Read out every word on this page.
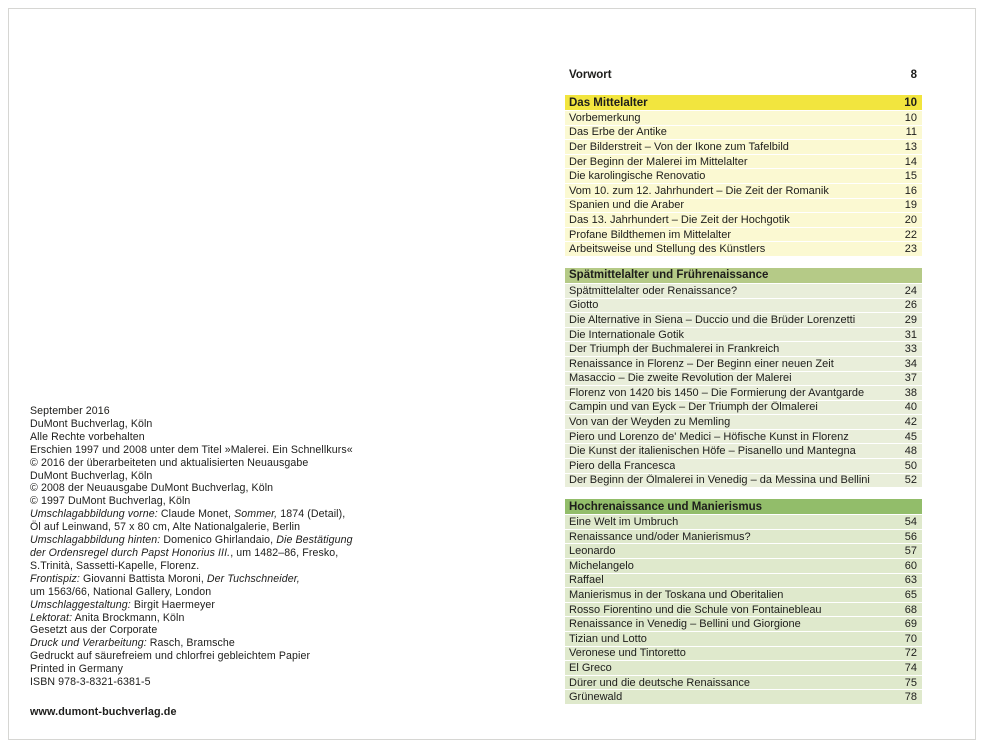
September 2016
DuMont Buchverlag, Köln
Alle Rechte vorbehalten
Erschien 1997 und 2008 unter dem Titel »Malerei. Ein Schnellkurs«
© 2016 der überarbeiteten und aktualisierten Neuausgabe
DuMont Buchverlag, Köln
© 2008 der Neuausgabe DuMont Buchverlag, Köln
© 1997 DuMont Buchverlag, Köln
Umschlagabbildung vorne: Claude Monet, Sommer, 1874 (Detail),
Öl auf Leinwand, 57 x 80 cm, Alte Nationalgalerie, Berlin
Umschlagabbildung hinten: Domenico Ghirlandaio, Die Bestätigung
der Ordensregel durch Papst Honorius III., um 1482–86, Fresko,
S.Trinità, Sassetti-Kapelle, Florenz.
Frontispiz: Giovanni Battista Moroni, Der Tuchschneider,
um 1563/66, National Gallery, London
Umschlaggestaltung: Birgit Haermeyer
Lektorat: Anita Brockmann, Köln
Gesetzt aus der Corporate
Druck und Verarbeitung: Rasch, Bramsche
Gedruckt auf säurefreiem und chlorfrei gebleichtem Papier
Printed in Germany
ISBN 978-3-8321-6381-5
www.dumont-buchverlag.de
Vorwort	8
Das Mittelalter	10
Vorbemerkung	10
Das Erbe der Antike	11
Der Bilderstreit – Von der Ikone zum Tafelbild	13
Der Beginn der Malerei im Mittelalter	14
Die karolingische Renovatio	15
Vom 10. zum 12. Jahrhundert – Die Zeit der Romanik	16
Spanien und die Araber	19
Das 13. Jahrhundert – Die Zeit der Hochgotik	20
Profane Bildthemen im Mittelalter	22
Arbeitsweise und Stellung des Künstlers	23
Spätmittelalter und Frührenaissance
Spätmittelalter oder Renaissance?	24
Giotto	26
Die Alternative in Siena – Duccio und die Brüder Lorenzetti	29
Die Internationale Gotik	31
Der Triumph der Buchmalerei in Frankreich	33
Renaissance in Florenz – Der Beginn einer neuen Zeit	34
Masaccio – Die zweite Revolution der Malerei	37
Florenz von 1420 bis 1450 – Die Formierung der Avantgarde	38
Campin und van Eyck – Der Triumph der Ölmalerei	40
Von van der Weyden zu Memling	42
Piero und Lorenzo de' Medici – Höfische Kunst in Florenz	45
Die Kunst der italienischen Höfe – Pisanello und Mantegna	48
Piero della Francesca	50
Der Beginn der Ölmalerei in Venedig – da Messina und Bellini	52
Hochrenaissance und Manierismus
Eine Welt im Umbruch	54
Renaissance und/oder Manierismus?	56
Leonardo	57
Michelangelo	60
Raffael	63
Manierismus in der Toskana und Oberitalien	65
Rosso Fiorentino und die Schule von Fontainebleau	68
Renaissance in Venedig – Bellini und Giorgione	69
Tizian und Lotto	70
Veronese und Tintoretto	72
El Greco	74
Dürer und die deutsche Renaissance	75
Grünewald	78
